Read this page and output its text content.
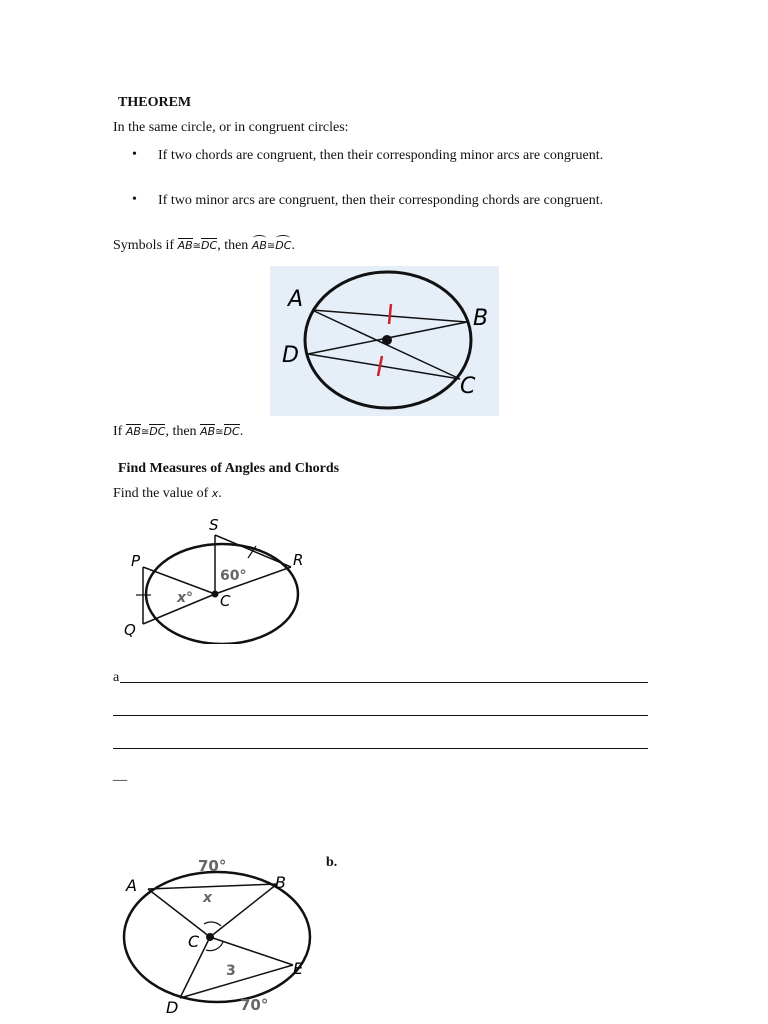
THEOREM
In the same circle, or in congruent circles:
• If two chords are congruent, then their corresponding minor arcs are congruent.
• If two minor arcs are congruent, then their corresponding chords are congruent.
Symbols if AB≅DC, then AB≅DC.
A
B
D
C
If AB≅DC, then AB≅DC.
Find Measures of Angles and Chords
Find the value of x.
S
R
P
Q
C
60°
x°
a
__
70°
70°
x
3
A	B
C
D
E
b.
